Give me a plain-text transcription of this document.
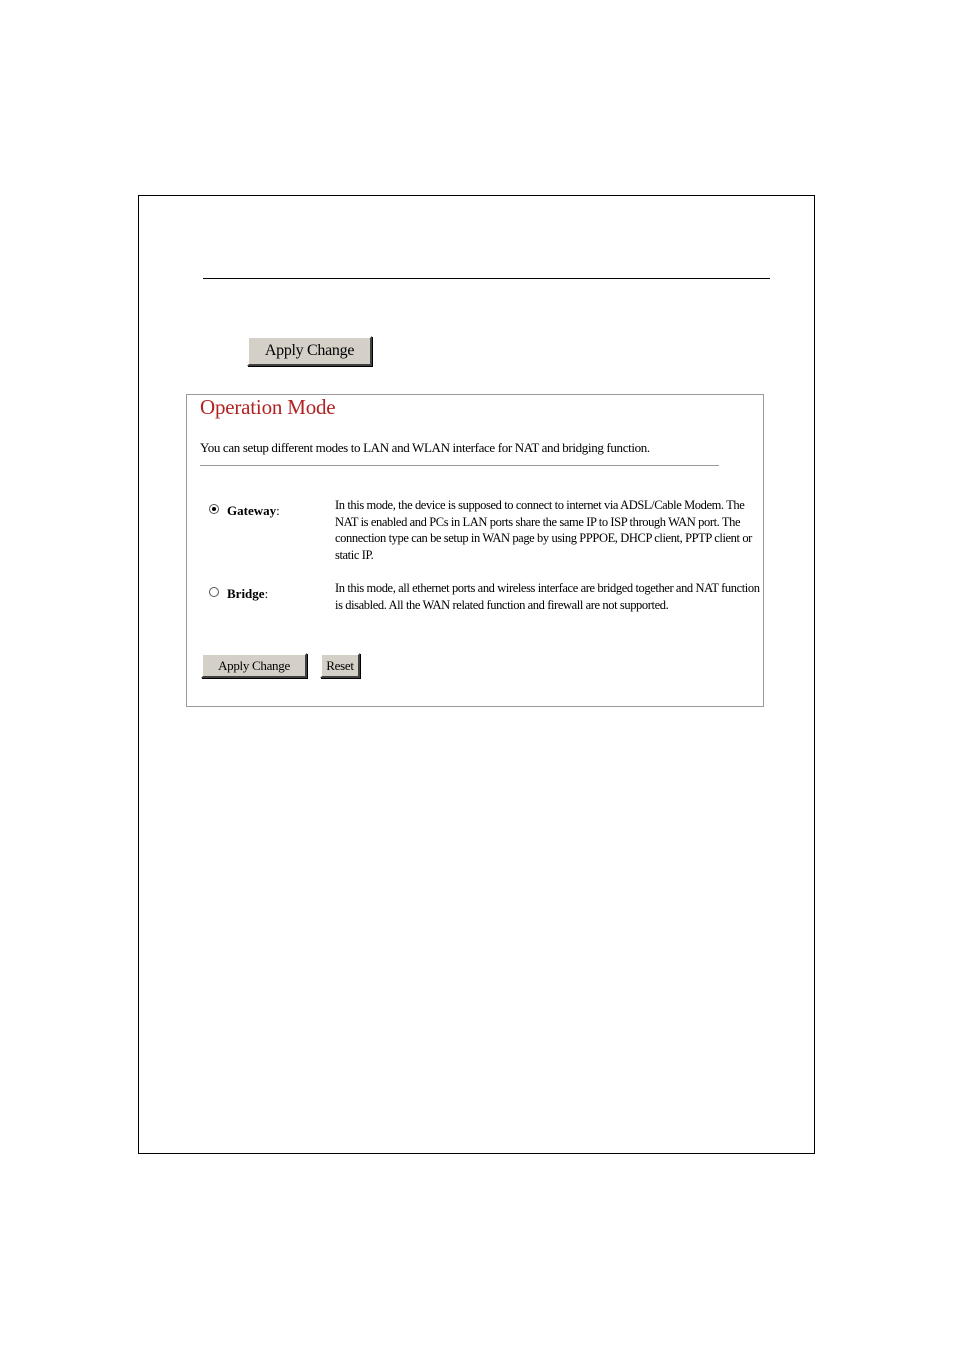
Apply Change
Operation Mode
You can setup different modes to LAN and WLAN interface for NAT and bridging function.
Gateway:	In this mode, the device is supposed to connect to internet via ADSL/Cable Modem. The NAT is enabled and PCs in LAN ports share the same IP to ISP through WAN port. The connection type can be setup in WAN page by using PPPOE, DHCP client, PPTP client or static IP.
Bridge:	In this mode, all ethernet ports and wireless interface are bridged together and NAT function is disabled. All the WAN related function and firewall are not supported.
Apply Change	Reset
